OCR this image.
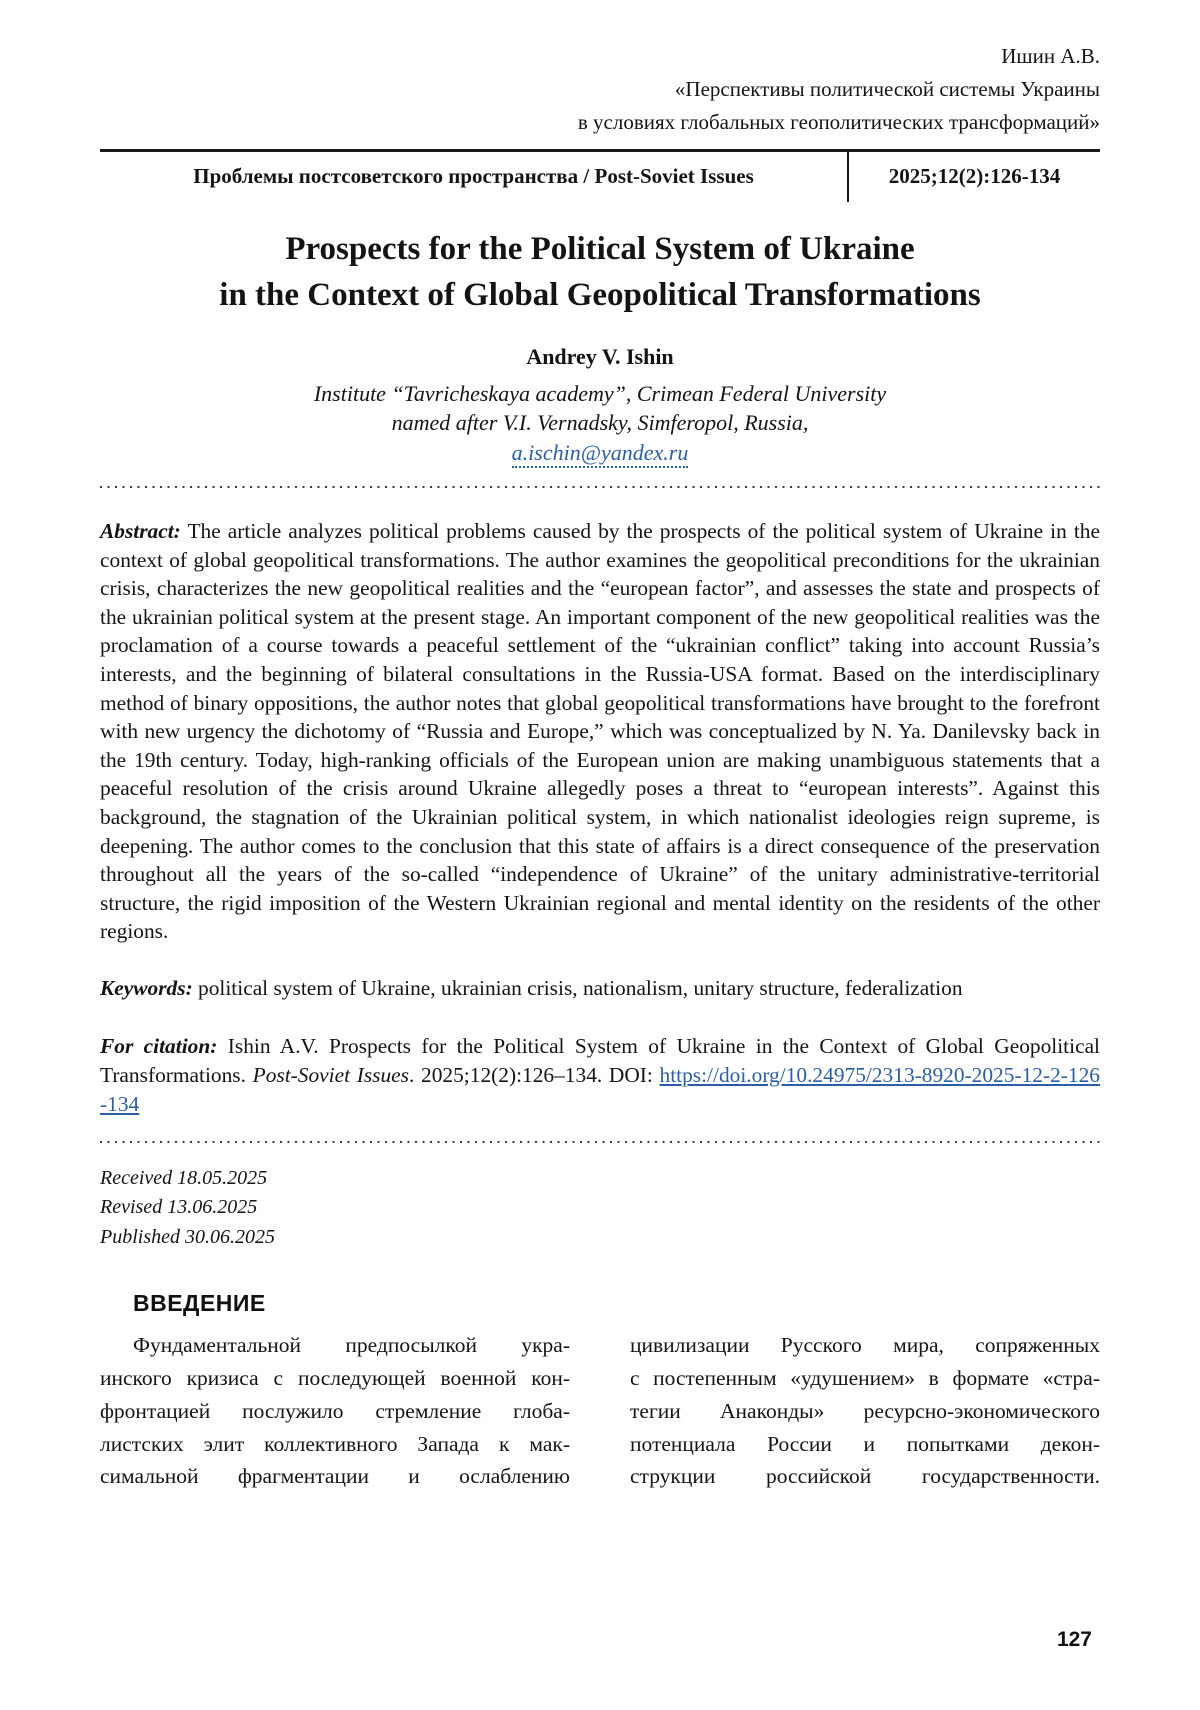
Ишин А.В.
«Перспективы политической системы Украины
в условиях глобальных геополитических трансформаций»
Проблемы постсоветского пространства / Post-Soviet Issues	2025;12(2):126-134
Prospects for the Political System of Ukraine
in the Context of Global Geopolitical Transformations
Andrey V. Ishin
Institute “Tavricheskaya academy”, Crimean Federal University
named after V.I. Vernadsky, Simferopol, Russia,
a.ischin@yandex.ru

Abstract: The article analyzes political problems caused by the prospects of the political system of Ukraine in the context of global geopolitical transformations. The author examines the geopolitical preconditions for the ukrainian crisis, characterizes the new geopolitical realities and the “european factor”, and assesses the state and prospects of the ukrainian political system at the present stage. An important component of the new geopolitical realities was the proclamation of a course towards a peaceful settlement of the “ukrainian conflict” taking into account Russia’s interests, and the beginning of bilateral consultations in the Russia-USA format. Based on the interdisciplinary method of binary oppositions, the author notes that global geopolitical transformations have brought to the forefront with new urgency the dichotomy of “Russia and Europe,” which was conceptualized by N. Ya. Danilevsky back in the 19th century. Today, high-ranking officials of the European union are making unambiguous statements that a peaceful resolution of the crisis around Ukraine allegedly poses a threat to “european interests”. Against this background, the stagnation of the Ukrainian political system, in which nationalist ideologies reign supreme, is deepening. The author comes to the conclusion that this state of affairs is a direct consequence of the preservation throughout all the years of the so-called “independence of Ukraine” of the unitary administrative-territorial structure, the rigid imposition of the Western Ukrainian regional and mental identity on the residents of the other regions.

Keywords: political system of Ukraine, ukrainian crisis, nationalism, unitary structure, federalization

For citation: Ishin A.V. Prospects for the Political System of Ukraine in the Context of Global Geopolitical Transformations. Post-Soviet Issues. 2025;12(2):126–134. DOI: https://doi.org/10.24975/2313-8920-2025-12-2-126-134

Received 18.05.2025
Revised 13.06.2025
Published 30.06.2025
ВВЕДЕНИЕ
Фундаментальной предпосылкой укра-
инского кризиса с последующей военной кон-
фронтацией послужило стремление глоба-
листских элит коллективного Запада к мак-
симальной фрагментации и ослаблению
цивилизации Русского мира, сопряженных
с постепенным «удушением» в формате «стра-
тегии Анаконды» ресурсно-экономического
потенциала России и попытками декон-
струкции российской государственности.
127
